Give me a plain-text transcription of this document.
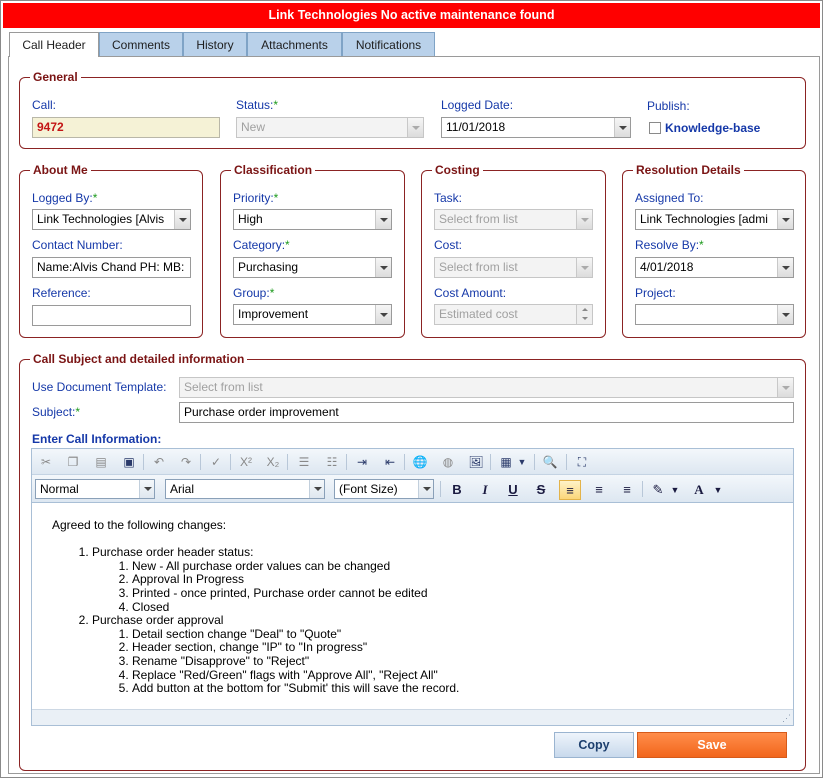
Link Technologies No active maintenance found
Call Header	Comments	History	Attachments	Notifications
General
Call:
9472
Status:*
New
Logged Date:
11/01/2018
Publish:
Knowledge-base
About Me
Logged By:*
Link Technologies [Alvis
Contact Number:
Name:Alvis Chand PH: MB:
Reference:
Classification
Priority:*
High
Category:*
Purchasing
Group:*
Improvement
Costing
Task:
Select from list
Cost:
Select from list
Cost Amount:
Estimated cost
Resolution Details
Assigned To:
Link Technologies [admi
Resolve By:*
4/01/2018
Project:
Call Subject and detailed information
Use Document Template: Select from list
Subject:*	Purchase order improvement
Enter Call Information:
✂	❐	▤	▣	↶	↷	✓	X²	X₂	☰	☷	⇥	⇤	🌐	◍	🖼	▦ ▼ 🔍	⛶
Normal	Arial	(Font Size)	B	I	U	S	≡	≡	≡	✎ ▼	A	▼
Agreed to the following changes:
1. Purchase order header status:
1. New - All purchase order values can be changed
2. Approval In Progress
3. Printed - once printed, Purchase order cannot be edited
4. Closed
2. Purchase order approval
1. Detail section change "Deal" to "Quote"
2. Header section, change "IP" to "In progress"
3. Rename "Disapprove" to "Reject"
4. Replace "Red/Green" flags with "Approve All", "Reject All"
5. Add button at the bottom for "Submit' this will save the record.
⋰
Copy	Save
